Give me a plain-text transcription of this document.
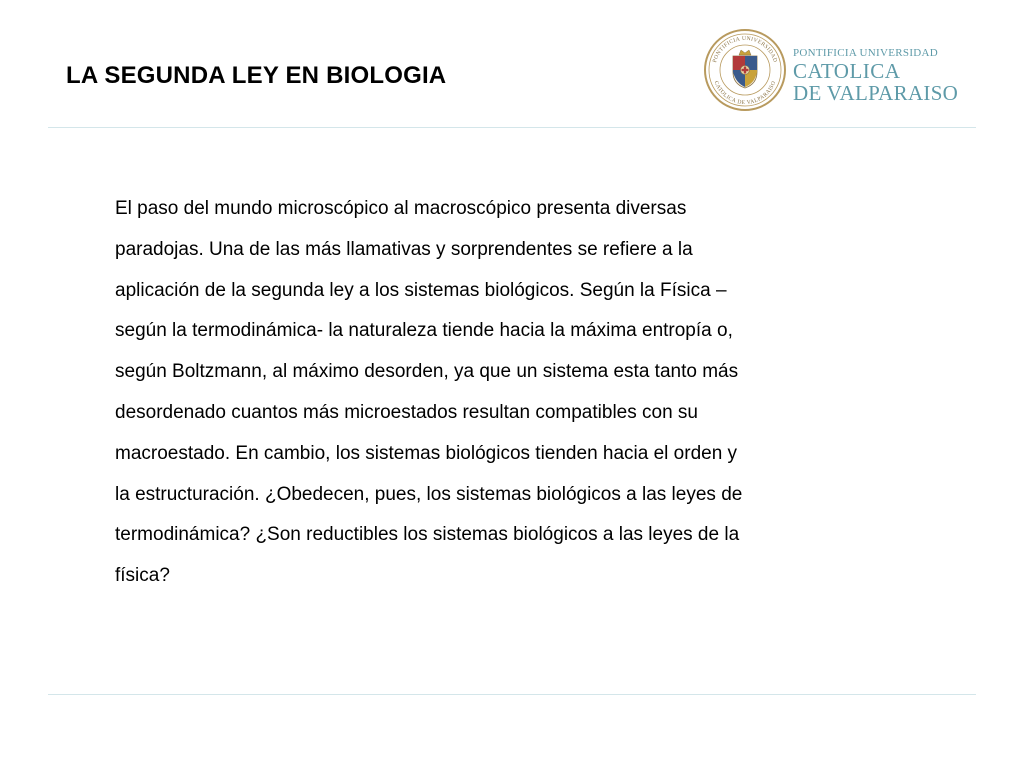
LA SEGUNDA LEY EN BIOLOGIA
PONTIFICIA UNIVERSIDAD
CATOLICA DE VALPARAISO
PONTIFICIA UNIVERSIDAD
CATOLICA
DE VALPARAISO
El paso del mundo microscópico al macroscópico presenta diversas
paradojas. Una de las más llamativas y sorprendentes se refiere a la
aplicación de la segunda ley a los sistemas biológicos. Según la Física –
según la termodinámica- la naturaleza tiende hacia la máxima entropía o,
según Boltzmann, al máximo desorden, ya que un sistema esta tanto más
desordenado cuantos más microestados resultan compatibles con su
macroestado. En cambio, los sistemas biológicos tienden hacia el orden y
la estructuración. ¿Obedecen, pues, los sistemas biológicos a las leyes de
termodinámica? ¿Son reductibles los sistemas biológicos a las leyes de la
física?
